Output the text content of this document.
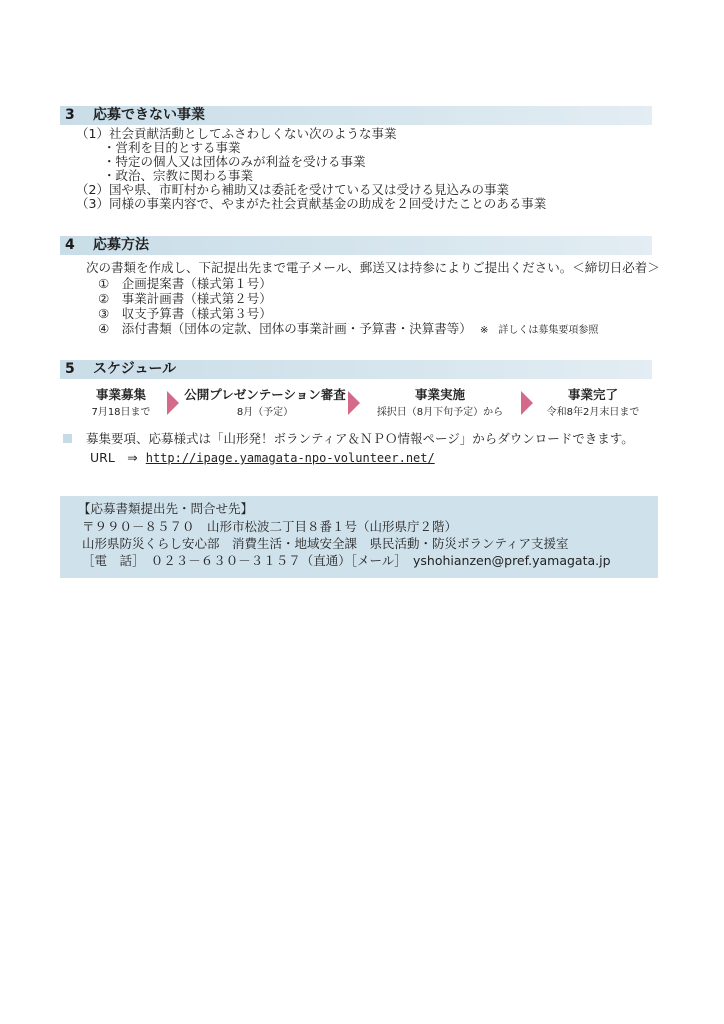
3 応募できない事業
（1）社会貢献活動としてふさわしくない次のような事業
・営利を目的とする事業
・特定の個人又は団体のみが利益を受ける事業
・政治、宗教に関わる事業
（2）国や県、市町村から補助又は委託を受けている又は受ける見込みの事業
（3）同様の事業内容で、やまがた社会貢献基金の助成を２回受けたことのある事業
4 応募方法
次の書類を作成し、下記提出先まで電子メール、郵送又は持参によりご提出ください。＜締切日必着＞
①　企画提案書（様式第１号）
②　事業計画書（様式第２号）
③　収支予算書（様式第３号）
④　添付書類（団体の定款、団体の事業計画・予算書・決算書等） ※　詳しくは募集要項参照
5 スケジュール
事業募集
7月18日まで
公開プレゼンテーション審査
8月（予定）
事業実施
採択日（8月下旬予定）から
事業完了
令和8年2月末日まで
募集要項、応募様式は「山形発！ボランティア＆ＮＰＯ情報ページ」からダウンロードできます。
URL　⇒ http://ipage.yamagata-npo-volunteer.net/
【応募書類提出先・問合せ先】
〒９９０－８５７０　山形市松波二丁目８番１号（山形県庁２階）
山形県防災くらし安心部　消費生活・地域安全課　県民活動・防災ボランティア支援室
［電　話］　０２３－６３０－３１５７（直通）［メール］　yshohianzen@pref.yamagata.jp
